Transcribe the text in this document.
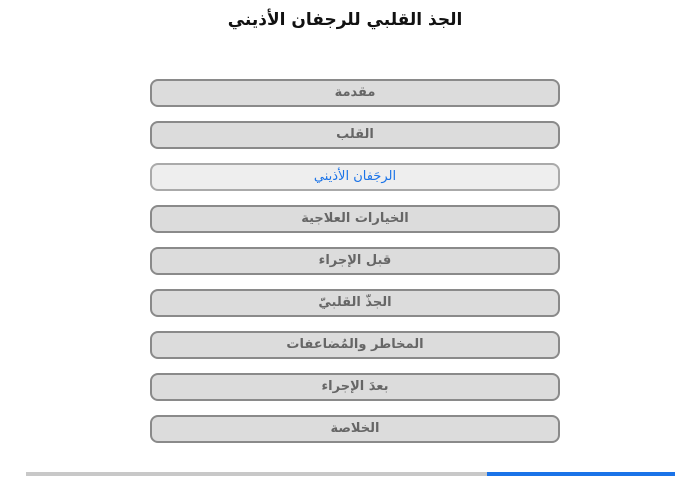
الجذ القلبي للرجفان الأذيني
مقدمة
القلب
الرجَفان الأذيني
الخيارات العلاجية
قبل الإجراء
الجذّ القلبيّ
المخاطر والمُضاعفات
بعدَ الإجراء
الخلاصة
